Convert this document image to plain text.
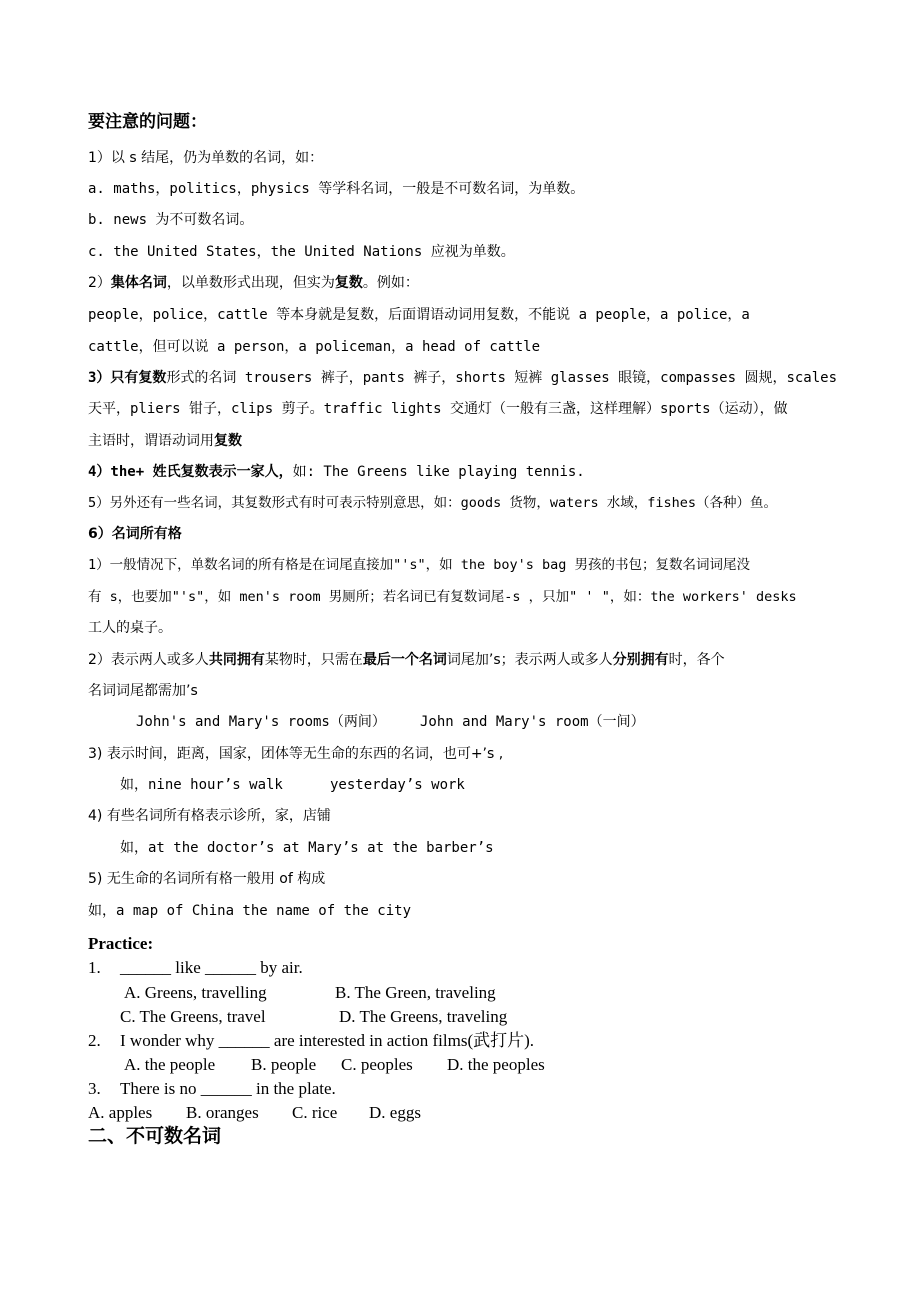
要注意的问题：
1）以 s 结尾，仍为单数的名词，如：
a. maths，politics，physics 等学科名词，一般是不可数名词，为单数。
b. news 为不可数名词。
c. the United States，the United Nations 应视为单数。
2）集体名词，以单数形式出现，但实为复数。例如：
people，police，cattle 等本身就是复数，后面谓语动词用复数，不能说 a people，a police，a
cattle，但可以说 a person，a policeman，a head of cattle
3）只有复数形式的名词 trousers 裤子，pants 裤子，shorts 短裤 glasses 眼镜，compasses 圆规，scales
天平，pliers 钳子，clips 剪子。traffic lights 交通灯（一般有三盏，这样理解）sports（运动），做
主语时，谓语动词用复数
4）the+ 姓氏复数表示一家人，如: The Greens like playing tennis.
5）另外还有一些名词，其复数形式有时可表示特别意思，如：goods 货物，waters 水域，fishes（各种）鱼。
6）名词所有格
1）一般情况下，单数名词的所有格是在词尾直接加"'s"，如 the boy's bag 男孩的书包；复数名词词尾没
有 s，也要加"'s"，如 men's room 男厕所；若名词已有复数词尾-s ，只加" ' "，如：the workers' desks
工人的桌子。
2）表示两人或多人共同拥有某物时，只需在最后一个名词词尾加’s；表示两人或多人分别拥有时，各个
名词词尾都需加’s
John's and Mary's rooms（两间） John and Mary's room（一间）
3) 表示时间，距离，国家，团体等无生命的东西的名词，也可+’s ,
如，nine hour’s walk	yesterday’s work
4) 有些名词所有格表示诊所，家，店铺
如，at the doctor’s at Mary’s at the barber’s
5) 无生命的名词所有格一般用 of 构成
如，a map of China the name of the city
Practice:
1. ______ like ______ by air.
A. Greens, travelling	B. The Green, traveling
C. The Greens, travel	D. The Greens, traveling
2. I wonder why ______ are interested in action films(武打片).
A. the people B. people C. peoples D. the peoples
3. There is no ______ in the plate.
A. apples B. oranges C. rice D. eggs
二、不可数名词
